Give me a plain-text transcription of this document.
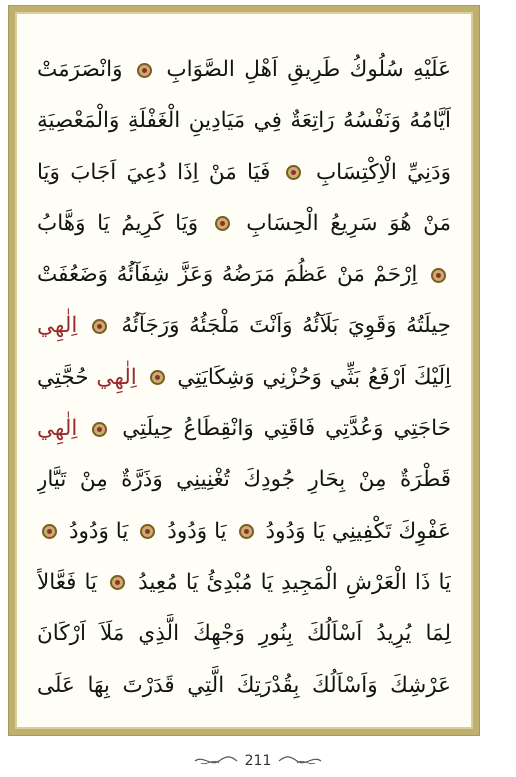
عَلَيْهِ سُلُوكُ طَرِيقِ اَهْلِ الصَّوَابِ  وَانْصَرَمَتْ
اَيَّامُهُ وَنَفْسُهُ رَاتِعَةٌ فِي مَيَادِينِ الْغَفْلَةِ وَالْمَعْصِيَةِ
وَدَنِيِّ الْاِكْتِسَابِ  فَيَا مَنْ اِذَا دُعِيَ اَجَابَ وَيَا
مَنْ هُوَ سَرِيعُ الْحِسَابِ  وَيَا كَرِيمُ يَا وَهَّابُ
اِرْحَمْ مَنْ عَظُمَ مَرَضُهُ وَعَزَّ شِفَآئُهُ وَضَعُفَتْ
حِيلَتُهُ وَقَوِيَ بَلَآئُهُ وَاَنْتَ مَلْجَئُهُ وَرَجَآئُهُ  اِلٰهِي
اِلَيْكَ اَرْفَعُ بَثِّي وَحُزْنِي وَشِكَايَتِي  اِلٰهِي حُجَّتِي
حَاجَتِي وَعُدَّتِي فَاقَتِي وَانْقِطَاعُ حِيلَتِي  اِلٰهِي
قَطْرَةٌ مِنْ بِحَارِ جُودِكَ تُغْنِينِي وَذَرَّةٌ مِنْ تَيَّارِ
عَفْوِكَ تَكْفِينِي يَا وَدُودُ  يَا وَدُودُ  يَا وَدُودُ
يَا ذَا الْعَرْشِ الْمَجِيدِ يَا مُبْدِئُ يَا مُعِيدُ  يَا فَعَّالاً
لِمَا يُرِيدُ اَسْاَلُكَ بِنُورِ وَجْهِكَ الَّذِي مَلَاَ اَرْكَانَ
عَرْشِكَ وَاَسْاَلُكَ بِقُدْرَتِكَ الَّتِي قَدَرْتَ بِهَا عَلَى
211
